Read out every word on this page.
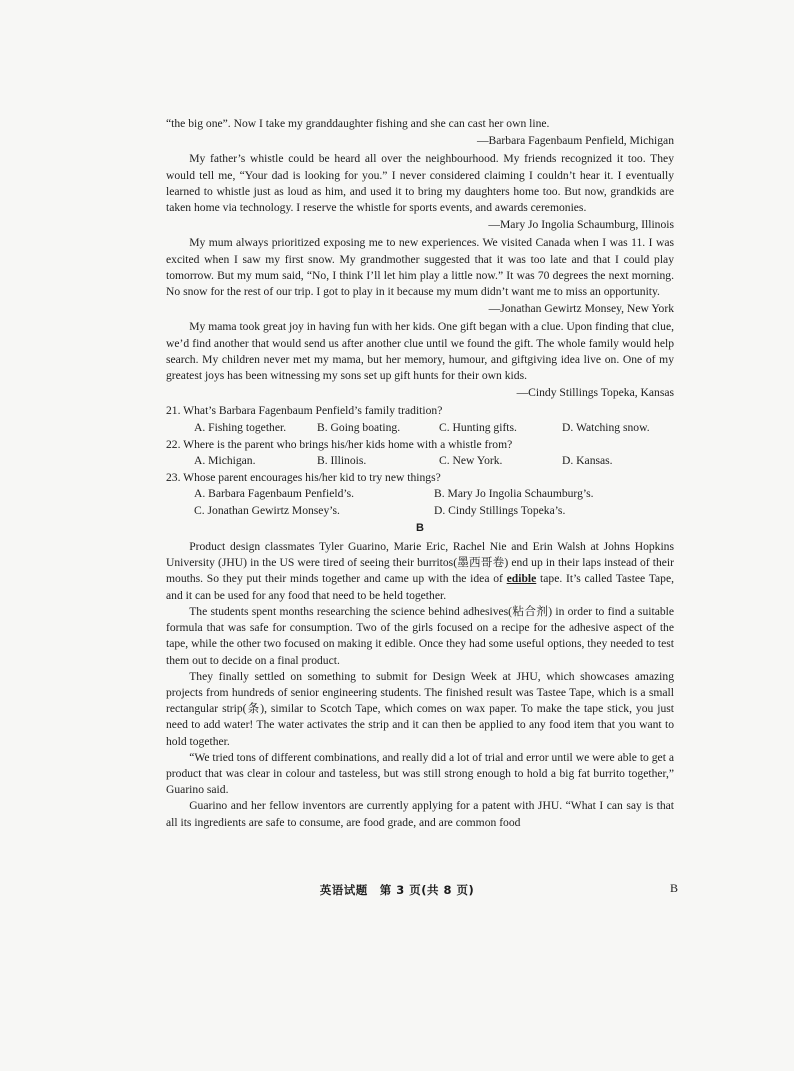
“the big one”. Now I take my granddaughter fishing and she can cast her own line.

—Barbara Fagenbaum Penfield, Michigan

My father’s whistle could be heard all over the neighbourhood. My friends recognized it too. They would tell me, “Your dad is looking for you.” I never considered claiming I couldn’t hear it. I eventually learned to whistle just as loud as him, and used it to bring my daughters home too. But now, grandkids are taken home via technology. I reserve the whistle for sports events, and awards ceremonies.

—Mary Jo Ingolia Schaumburg, Illinois

My mum always prioritized exposing me to new experiences. We visited Canada when I was 11. I was excited when I saw my first snow. My grandmother suggested that it was too late and that I could play tomorrow. But my mum said, “No, I think I’ll let him play a little now.” It was 70 degrees the next morning. No snow for the rest of our trip. I got to play in it because my mum didn’t want me to miss an opportunity.

—Jonathan Gewirtz Monsey, New York

My mama took great joy in having fun with her kids. One gift began with a clue. Upon finding that clue, we’d find another that would send us after another clue until we found the gift. The whole family would help search. My children never met my mama, but her memory, humour, and giftgiving idea live on. One of my greatest joys has been witnessing my sons set up gift hunts for their own kids.

—Cindy Stillings Topeka, Kansas

21. What’s Barbara Fagenbaum Penfield’s family tradition?

A. Fishing together.	B. Going boating.	C. Hunting gifts.	D. Watching snow.

22. Where is the parent who brings his/her kids home with a whistle from?

A. Michigan.	B. Illinois.	C. New York.	D. Kansas.

23. Whose parent encourages his/her kid to try new things?

A. Barbara Fagenbaum Penfield’s.	B. Mary Jo Ingolia Schaumburg’s.
C. Jonathan Gewirtz Monsey’s.	D. Cindy Stillings Topeka’s.

B

Product design classmates Tyler Guarino, Marie Eric, Rachel Nie and Erin Walsh at Johns Hopkins University (JHU) in the US were tired of seeing their burritos(墨西哥卷) end up in their laps instead of their mouths. So they put their minds together and came up with the idea of edible tape. It’s called Tastee Tape, and it can be used for any food that need to be held together.

The students spent months researching the science behind adhesives(粘合剂) in order to find a suitable formula that was safe for consumption. Two of the girls focused on a recipe for the adhesive aspect of the tape, while the other two focused on making it edible. Once they had some useful options, they needed to test them out to decide on a final product.

They finally settled on something to submit for Design Week at JHU, which showcases amazing projects from hundreds of senior engineering students. The finished result was Tastee Tape, which is a small rectangular strip(条), similar to Scotch Tape, which comes on wax paper. To make the tape stick, you just need to add water! The water activates the strip and it can then be applied to any food item that you want to hold together.

“We tried tons of different combinations, and really did a lot of trial and error until we were able to get a product that was clear in colour and tasteless, but was still strong enough to hold a big fat burrito together,” Guarino said.

Guarino and her fellow inventors are currently applying for a patent with JHU. “What I can say is that all its ingredients are safe to consume, are food grade, and are common food

英语试题　第 3 页(共 8 页)	B
